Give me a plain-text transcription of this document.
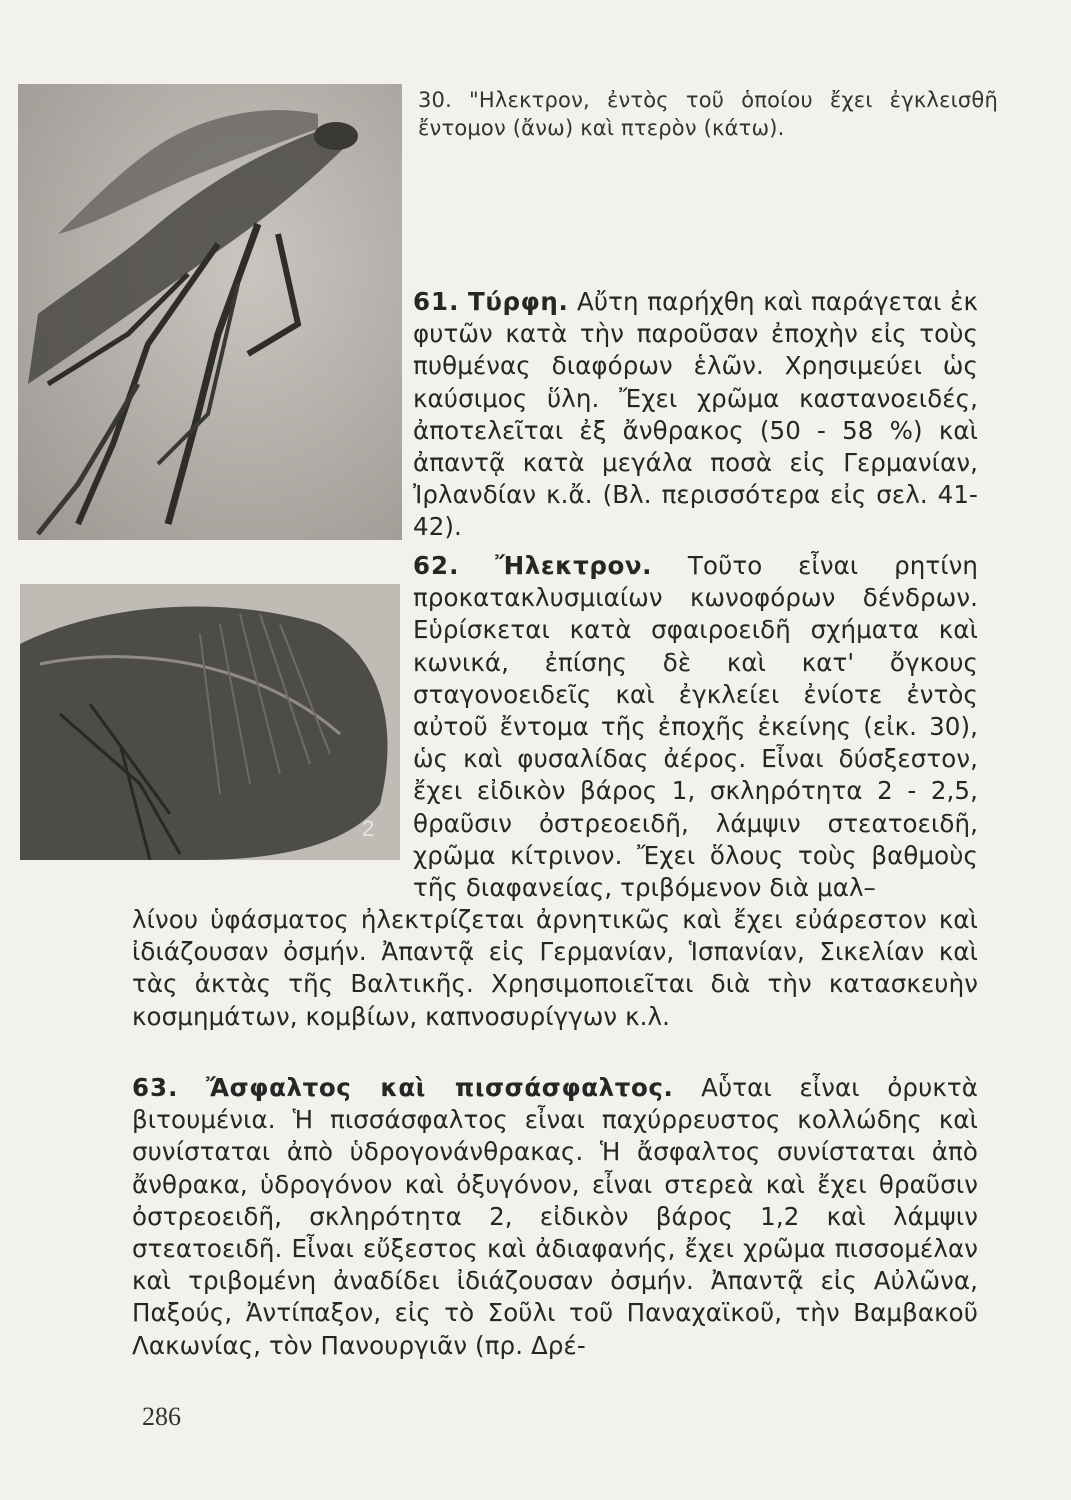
2
30. "Ηλεκτρον, ἐντὸς τοῦ ὁποίου ἔχει ἐγκλεισθῆ ἔντομον (ἄνω) καὶ πτερὸν (κάτω).

61. Τύρφη. Αὔτη παρήχθη καὶ παράγεται ἐκ φυτῶν κατὰ τὴν παροῦσαν ἐποχὴν εἰς τοὺς πυθμένας διαφόρων ἑλῶν. Χρησιμεύει ὡς καύσιμος ὕλη. Ἔχει χρῶμα καστανοειδές, ἀποτελεῖται ἐξ ἄνθρακος (50 - 58 %) καὶ ἀπαντᾷ κατὰ μεγάλα ποσὰ εἰς Γερμανίαν, Ἰρλανδίαν κ.ἄ. (Βλ. περισσότερα εἰς σελ. 41-42).

62. Ἤλεκτρον. Τοῦτο εἶναι ρητίνη προκατακλυσμιαίων κωνοφόρων δένδρων. Εὑρίσκεται κατὰ σφαιροειδῆ σχήματα καὶ κωνικά, ἐπίσης δὲ καὶ κατ' ὄγκους σταγονοειδεῖς καὶ ἐγκλείει ἐνίοτε ἐντὸς αὐτοῦ ἔντομα τῆς ἐποχῆς ἐκείνης (εἰκ. 30), ὡς καὶ φυσαλίδας ἀέρος. Εἶναι δύσξεστον, ἔχει εἰδικὸν βάρος 1, σκληρότητα 2 - 2,5, θραῦσιν ὀστρεοειδῆ, λάμψιν στεατοειδῆ, χρῶμα κίτρινον. Ἔχει ὅλους τοὺς βαθμοὺς τῆς διαφανείας, τριβόμενον διὰ μαλ–

λίνου ὑφάσματος ἠλεκτρίζεται ἀρνητικῶς καὶ ἔχει εὐάρεστον καὶ ἰδιάζουσαν ὀσμήν. Ἀπαντᾷ εἰς Γερμανίαν, Ἱσπανίαν, Σικελίαν καὶ τὰς ἀκτὰς τῆς Βαλτικῆς. Χρησιμοποιεῖται διὰ τὴν κατασκευὴν κοσμημάτων, κομβίων, καπνοσυρίγγων κ.λ.

63. Ἄσφαλτος καὶ πισσάσφαλτος. Αὗται εἶναι ὀρυκτὰ βιτουμένια. Ἡ πισσάσφαλτος εἶναι παχύρρευστος κολλώδης καὶ συνίσταται ἀπὸ ὑδρογονάνθρακας. Ἡ ἄσφαλτος συνίσταται ἀπὸ ἄνθρακα, ὑδρογόνον καὶ ὀξυγόνον, εἶναι στερεὰ καὶ ἔχει θραῦσιν ὀστρεοειδῆ, σκληρότητα 2, εἰδικὸν βάρος 1,2 καὶ λάμψιν στεατοειδῆ. Εἶναι εὔξεστος καὶ ἀδιαφανής, ἔχει χρῶμα πισσομέλαν καὶ τριβομένη ἀναδίδει ἰδιάζουσαν ὀσμήν. Ἀπαντᾷ εἰς Αὐλῶνα, Παξούς, Ἀντίπαξον, εἰς τὸ Σοῦλι τοῦ Παναχαϊκοῦ, τὴν Βαμβακοῦ Λακωνίας, τὸν Πανουργιᾶν (πρ. Δρέ-

286
